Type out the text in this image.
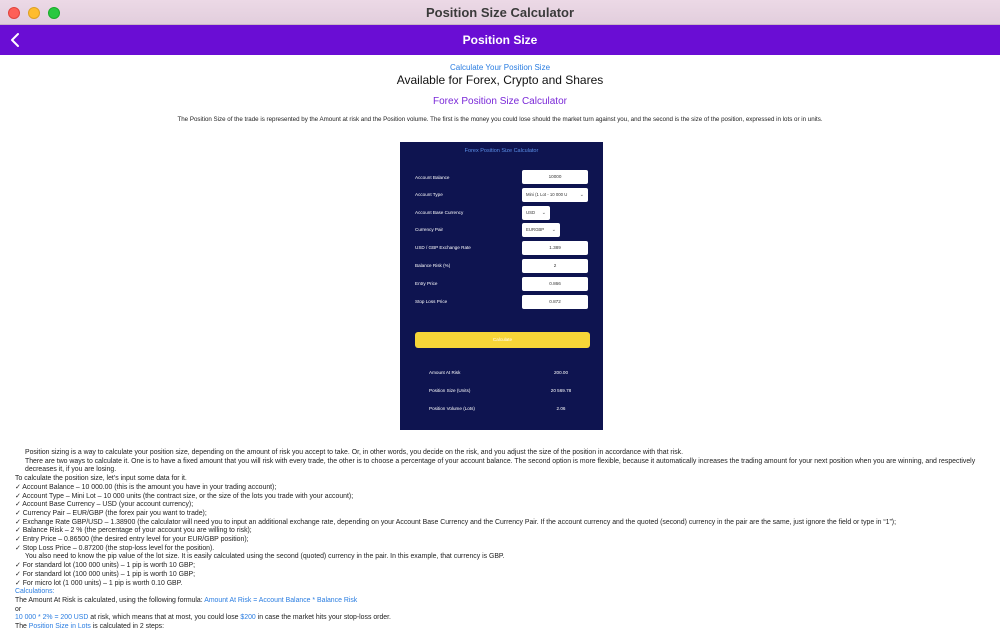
Position Size Calculator
Position Size
Calculate Your Position Size
Available for Forex, Crypto and Shares
Forex Position Size Calculator
The Position Size of the trade is represented by the Amount at risk and the Position volume. The first is the money you could lose should the market turn against you, and the second is the size of the position, expressed in lots or in units.
Forex Position Size Calculator
Account Balance	10000
Account Type	Mini (1 Lot - 10 000 U ⌄
Account Base Currency	USD ⌄
Currency Pair	EURGBP ⌄
USD / GBP Exchange Rate	1.389
Balance Risk (%)	2
Entry Price	0.866
Stop Loss Price	0.872
Calculate
Amount At Risk	200.00
Position Size (Units)	20 569.78
Position Volume (Lots)	2.06
Position sizing is a way to calculate your position size, depending on the amount of risk you accept to take. Or, in other words, you decide on the risk, and you adjust the size of the position in accordance with that risk.
There are two ways to calculate it. One is to have a fixed amount that you will risk with every trade, the other is to choose a percentage of your account balance. The second option is more flexible, because it automatically increases the trading amount for your next position when you are winning, and respectively decreases it, if you are losing.
To calculate the position size, let’s input some data for it.
✓ Account Balance – 10 000.00 (this is the amount you have in your trading account);
✓ Account Type – Mini Lot – 10 000 units (the contract size, or the size of the lots you trade with your account);
✓ Account Base Currency – USD (your account currency);
✓ Currency Pair – EUR/GBP (the forex pair you want to trade);
✓ Exchange Rate GBP/USD – 1.38900 (the calculator will need you to input an additional exchange rate, depending on your Account Base Currency and the Currency Pair. If the account currency and the quoted (second) currency in the pair are the same, just ignore the field or type in “1”);
✓ Balance Risk – 2 % (the percentage of your account you are willing to risk);
✓ Entry Price – 0.86500 (the desired entry level for your EUR/GBP position);
✓ Stop Loss Price – 0.87200 (the stop-loss level for the position).
You also need to know the pip value of the lot size. It is easily calculated using the second (quoted) currency in the pair. In this example, that currency is GBP.
✓ For standard lot (100 000 units) – 1 pip is worth 10 GBP;
✓ For standard lot (100 000 units) – 1 pip is worth 10 GBP;
✓ For micro lot (1 000 units) – 1 pip is worth 0.10 GBP.
Calculations:
The Amount At Risk is calculated, using the following formula: Amount At Risk = Account Balance * Balance Risk
or
10 000 * 2% = 200 USD at risk, which means that at most, you could lose $200 in case the market hits your stop-loss order.
The Position Size in Lots is calculated in 2 steps:
